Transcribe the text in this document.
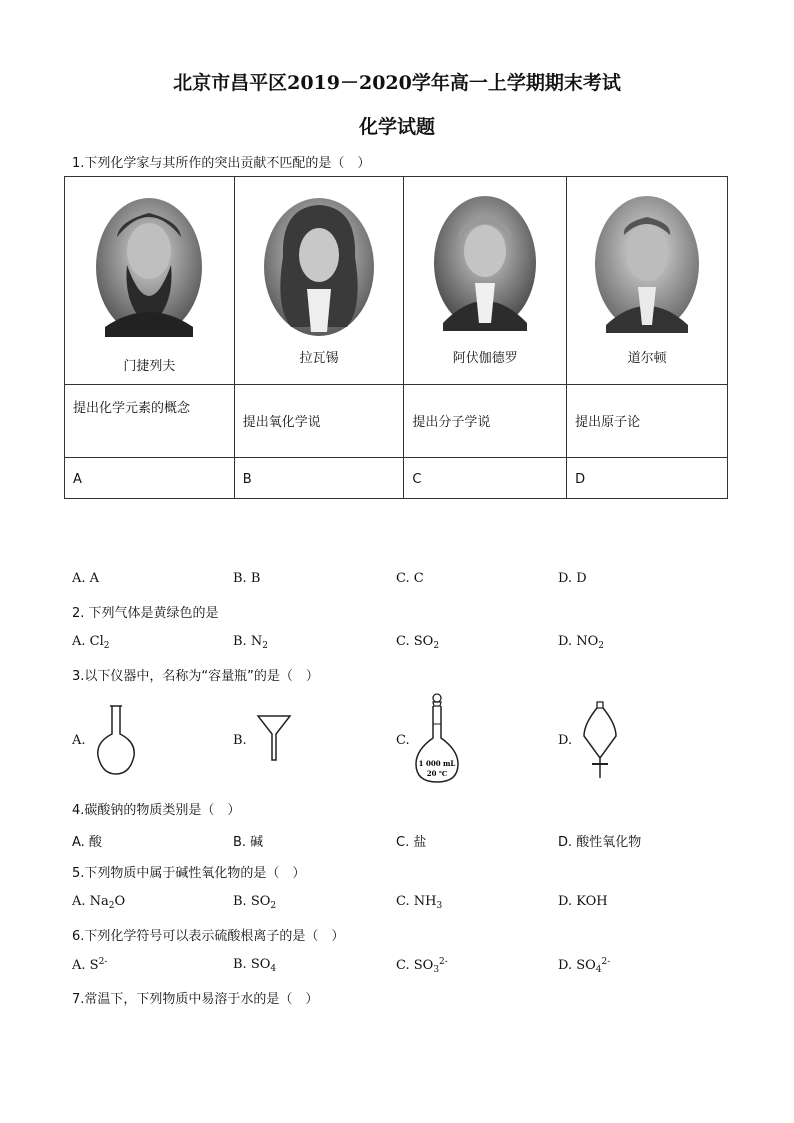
北京市昌平区2019－2020学年高一上学期期末考试
化学试题
1.下列化学家与其所作的突出贡献不匹配的是（　）
门捷列夫	拉瓦锡	阿伏伽德罗	道尔顿

提出化学元素的概念	提出氧化学说	提出分子学说	提出原子论

A	B	C	D
A. A	B. B	C. C	D. D
2. 下列气体是黄绿色的是
A. $Cl_2$	B. $N_2$	C. $SO_2$	D. $NO_2$
3.以下仪器中，名称为“容量瓶”的是（　）
A.	B.	C.
1 000 mL
20 ℃
D.
4.碳酸钠的物质类别是（　）
A. 酸	B. 碱	C. 盐	D. 酸性氧化物
5.下列物质中属于碱性氧化物的是（　）
A. $Na_2O$	B. $SO_2$	C. $NH_3$	D. KOH
6.下列化学符号可以表示硫酸根离子的是（　）
A. $S^{2-}$	B. $SO_4$	C. $SO_3^{2-}$	D. $SO_4^{2-}$
7.常温下，下列物质中易溶于水的是（　）
